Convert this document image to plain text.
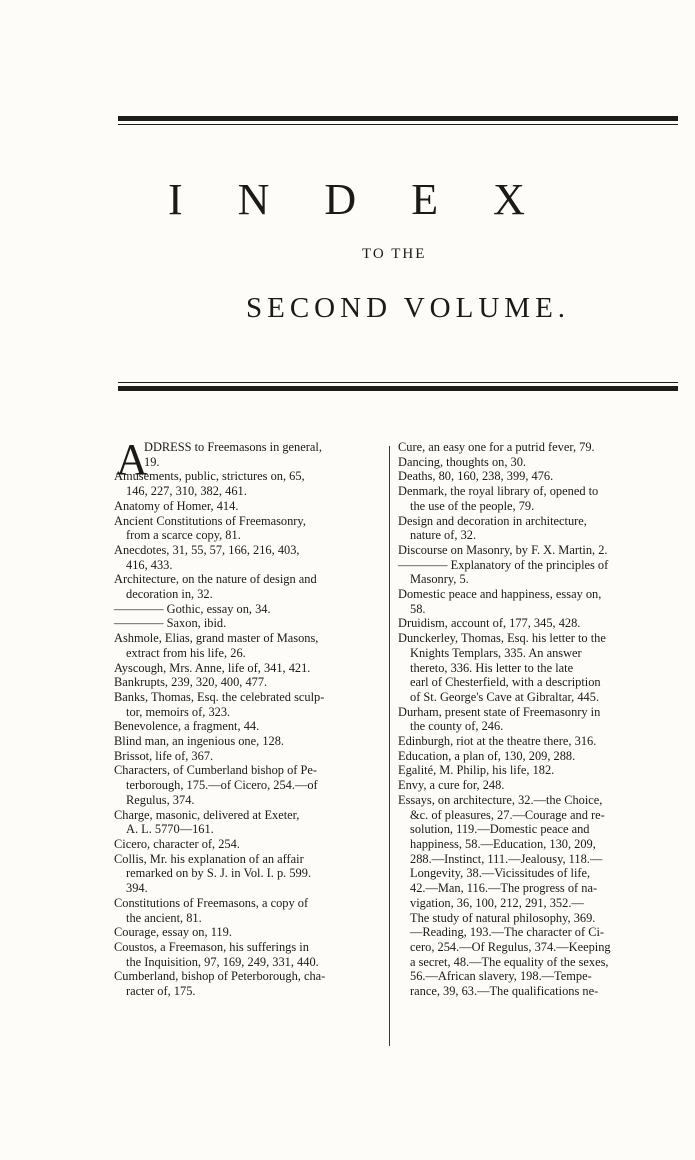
I N D E X
TO THE
SECOND VOLUME.
A
DDRESS to Freemasons in general,
19.
Amusements, public, strictures on, 65,
146, 227, 310, 382, 461.
Anatomy of Homer, 414.
Ancient Constitutions of Freemasonry,
from a scarce copy, 81.
Anecdotes, 31, 55, 57, 166, 216, 403,
416, 433.
Architecture, on the nature of design and
decoration in, 32.
———— Gothic, essay on, 34.
———— Saxon, ibid.
Ashmole, Elias, grand master of Masons,
extract from his life, 26.
Ayscough, Mrs. Anne, life of, 341, 421.
Bankrupts, 239, 320, 400, 477.
Banks, Thomas, Esq. the celebrated sculp-
tor, memoirs of, 323.
Benevolence, a fragment, 44.
Blind man, an ingenious one, 128.
Brissot, life of, 367.
Characters, of Cumberland bishop of Pe-
terborough, 175.—of Cicero, 254.—of
Regulus, 374.
Charge, masonic, delivered at Exeter,
A. L. 5770—161.
Cicero, character of, 254.
Collis, Mr. his explanation of an affair
remarked on by S. J. in Vol. I. p. 599.
394.
Constitutions of Freemasons, a copy of
the ancient, 81.
Courage, essay on, 119.
Coustos, a Freemason, his sufferings in
the Inquisition, 97, 169, 249, 331, 440.
Cumberland, bishop of Peterborough, cha-
racter of, 175.
Cure, an easy one for a putrid fever, 79.
Dancing, thoughts on, 30.
Deaths, 80, 160, 238, 399, 476.
Denmark, the royal library of, opened to
the use of the people, 79.
Design and decoration in architecture,
nature of, 32.
Discourse on Masonry, by F. X. Martin, 2.
———— Explanatory of the principles of
Masonry, 5.
Domestic peace and happiness, essay on,
58.
Druidism, account of, 177, 345, 428.
Dunckerley, Thomas, Esq. his letter to the
Knights Templars, 335. An answer
thereto, 336. His letter to the late
earl of Chesterfield, with a description
of St. George's Cave at Gibraltar, 445.
Durham, present state of Freemasonry in
the county of, 246.
Edinburgh, riot at the theatre there, 316.
Education, a plan of, 130, 209, 288.
Egalité, M. Philip, his life, 182.
Envy, a cure for, 248.
Essays, on architecture, 32.—the Choice,
&c. of pleasures, 27.—Courage and re-
solution, 119.—Domestic peace and
happiness, 58.—Education, 130, 209,
288.—Instinct, 111.—Jealousy, 118.—
Longevity, 38.—Vicissitudes of life,
42.—Man, 116.—The progress of na-
vigation, 36, 100, 212, 291, 352.—
The study of natural philosophy, 369.
—Reading, 193.—The character of Ci-
cero, 254.—Of Regulus, 374.—Keeping
a secret, 48.—The equality of the sexes,
56.—African slavery, 198.—Tempe-
rance, 39, 63.—The qualifications ne-
